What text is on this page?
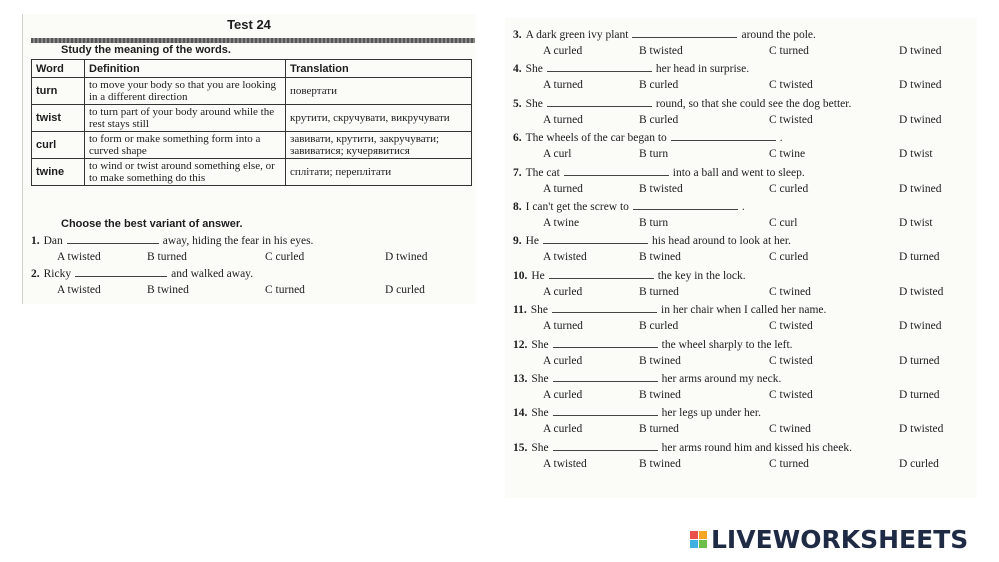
Test 24
Study the meaning of the words.
Word	Definition	Translation
turn	to move your body so that you are looking in a different direction	повертати
twist	to turn part of your body around while the rest stays still	крутити, скручувати, викручувати
curl	to form or make something form into a curved shape	завивати, крутити, закручувати; завиватися; кучерявитися
twine	to wind or twist around something else, or to make something do this	сплітати; переплітати
Choose the best variant of answer.
1. Dan	away, hiding the fear in his eyes.
A twisted	B turned	C curled	D twined
2. Ricky	and walked away.
A twisted	B twined	C turned	D curled
3. A dark green ivy plant	around the pole.
A curled	B twisted	C turned	D twined
4. She	her head in surprise.
A turned	B curled	C twisted	D twined
5. She	round, so that she could see the dog better.
A turned	B curled	C twisted	D twined
6. The wheels of the car began to	.
A curl	B turn	C twine	D twist
7. The cat	into a ball and went to sleep.
A turned	B twisted	C curled	D twined
8. I can't get the screw to	.
A twine	B turn	C curl	D twist
9. He	his head around to look at her.
A twisted	B twined	C curled	D turned
10. He	the key in the lock.
A curled	B turned	C twined	D twisted
11. She	in her chair when I called her name.
A turned	B curled	C twisted	D twined
12. She	the wheel sharply to the left.
A curled	B twined	C twisted	D turned
13. She	her arms around my neck.
A curled	B twined	C twisted	D turned
14. She	her legs up under her.
A curled	B turned	C twined	D twisted
15. She	her arms round him and kissed his cheek.
A twisted	B twined	C turned	D curled
LIVEWORKSHEETS
